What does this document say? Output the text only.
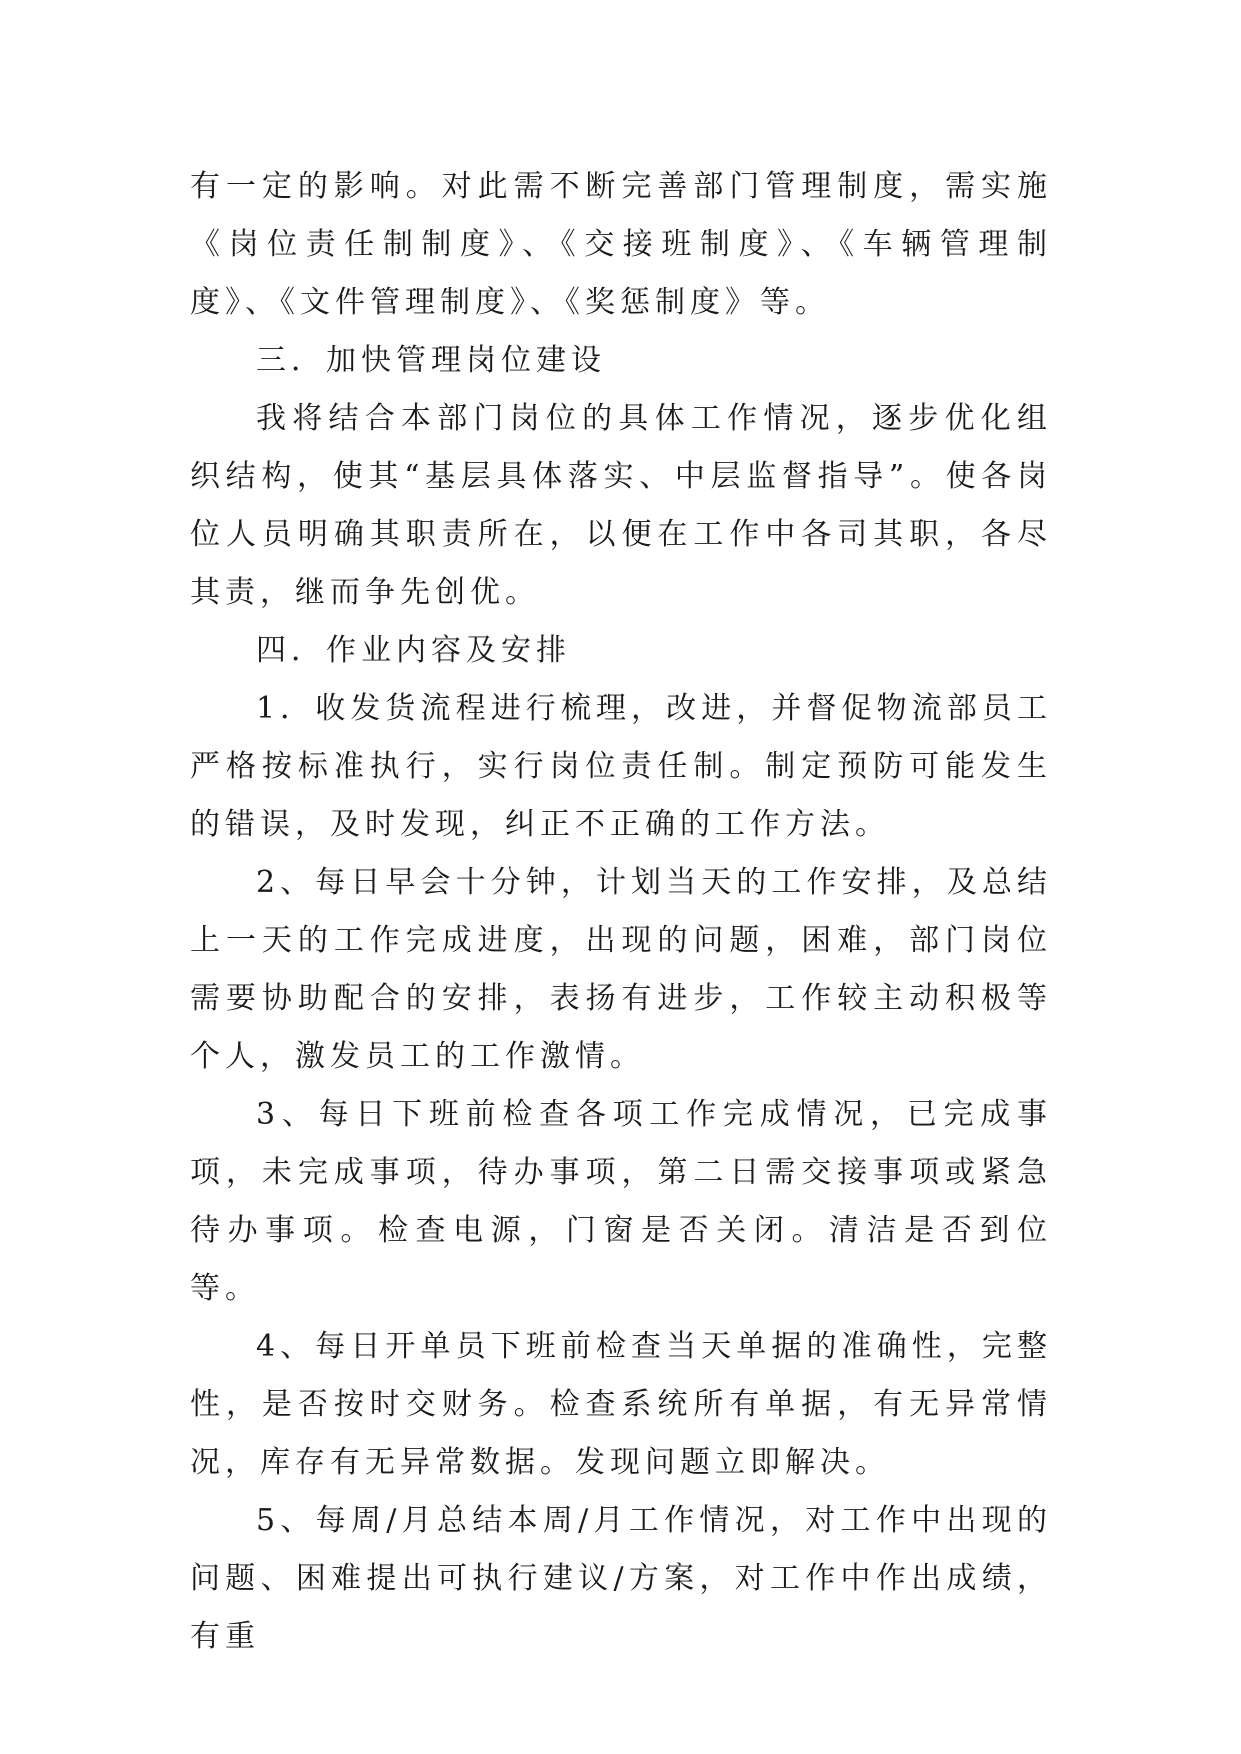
有一定的影响。对此需不断完善部门管理制度，需实施《岗位责任制制度》、《交接班制度》、《车辆管理制度》、《文件管理制度》、《奖惩制度》等。

三．加快管理岗位建设

我将结合本部门岗位的具体工作情况，逐步优化组织结构，使其“基层具体落实、中层监督指导”。使各岗位人员明确其职责所在，以便在工作中各司其职，各尽其责，继而争先创优。

四．作业内容及安排

1．收发货流程进行梳理，改进，并督促物流部员工严格按标准执行，实行岗位责任制。制定预防可能发生的错误，及时发现，纠正不正确的工作方法。

2、每日早会十分钟，计划当天的工作安排，及总结上一天的工作完成进度，出现的问题，困难，部门岗位需要协助配合的安排，表扬有进步，工作较主动积极等个人，激发员工的工作激情。

3、每日下班前检查各项工作完成情况，已完成事项，未完成事项，待办事项，第二日需交接事项或紧急待办事项。检查电源，门窗是否关闭。清洁是否到位等。

4、每日开单员下班前检查当天单据的准确性，完整性，是否按时交财务。检查系统所有单据，有无异常情况，库存有无异常数据。发现问题立即解决。

5、每周/月总结本周/月工作情况，对工作中出现的问题、困难提出可执行建议/方案，对工作中作出成绩，有重
